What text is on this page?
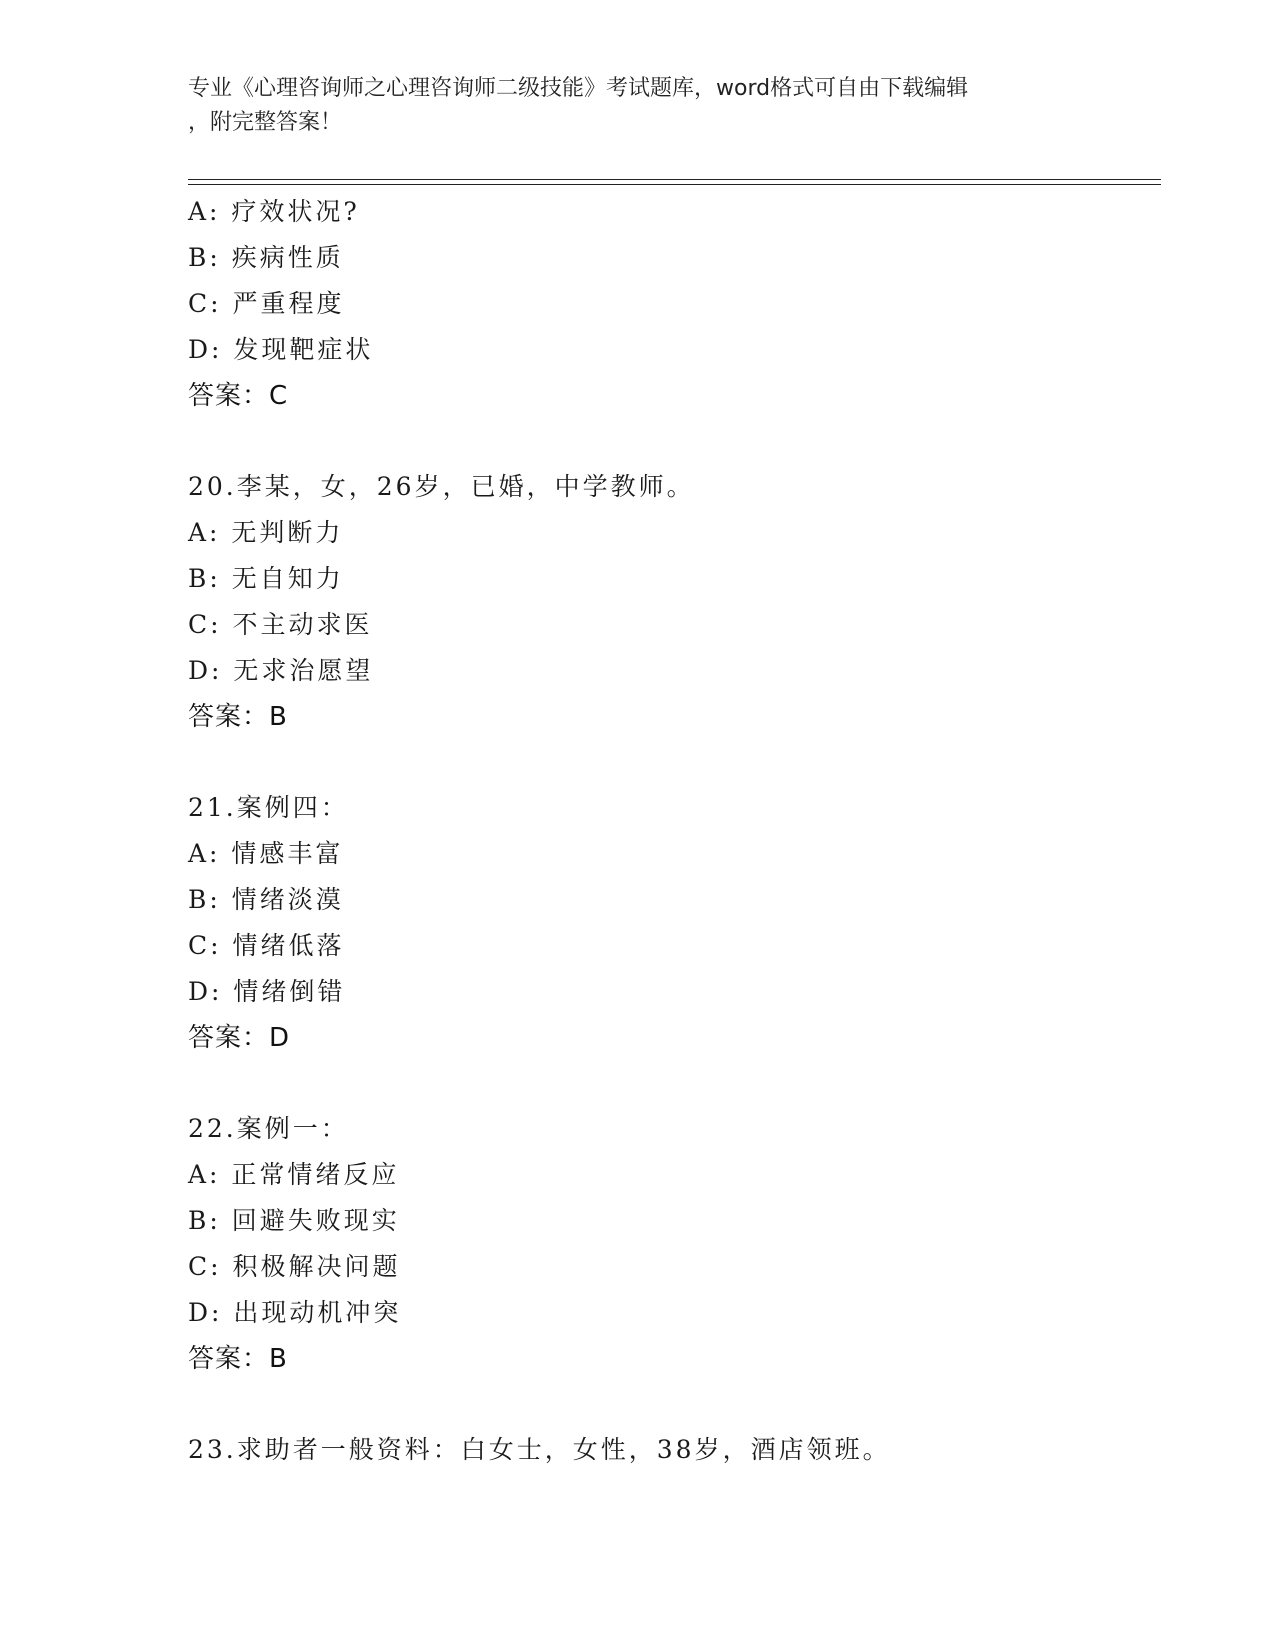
专业《心理咨询师之心理咨询师二级技能》考试题库，word格式可自由下载编辑
，附完整答案！
A: 疗效状况?
B: 疾病性质
C: 严重程度
D: 发现靶症状
答案：C
20.李某，女，26岁，已婚，中学教师。
A: 无判断力
B: 无自知力
C: 不主动求医
D: 无求治愿望
答案：B
21.案例四：
A: 情感丰富
B: 情绪淡漠
C: 情绪低落
D: 情绪倒错
答案：D
22.案例一：
A: 正常情绪反应
B: 回避失败现实
C: 积极解决问题
D: 出现动机冲突
答案：B
23.求助者一般资料：白女士，女性，38岁，酒店领班。
